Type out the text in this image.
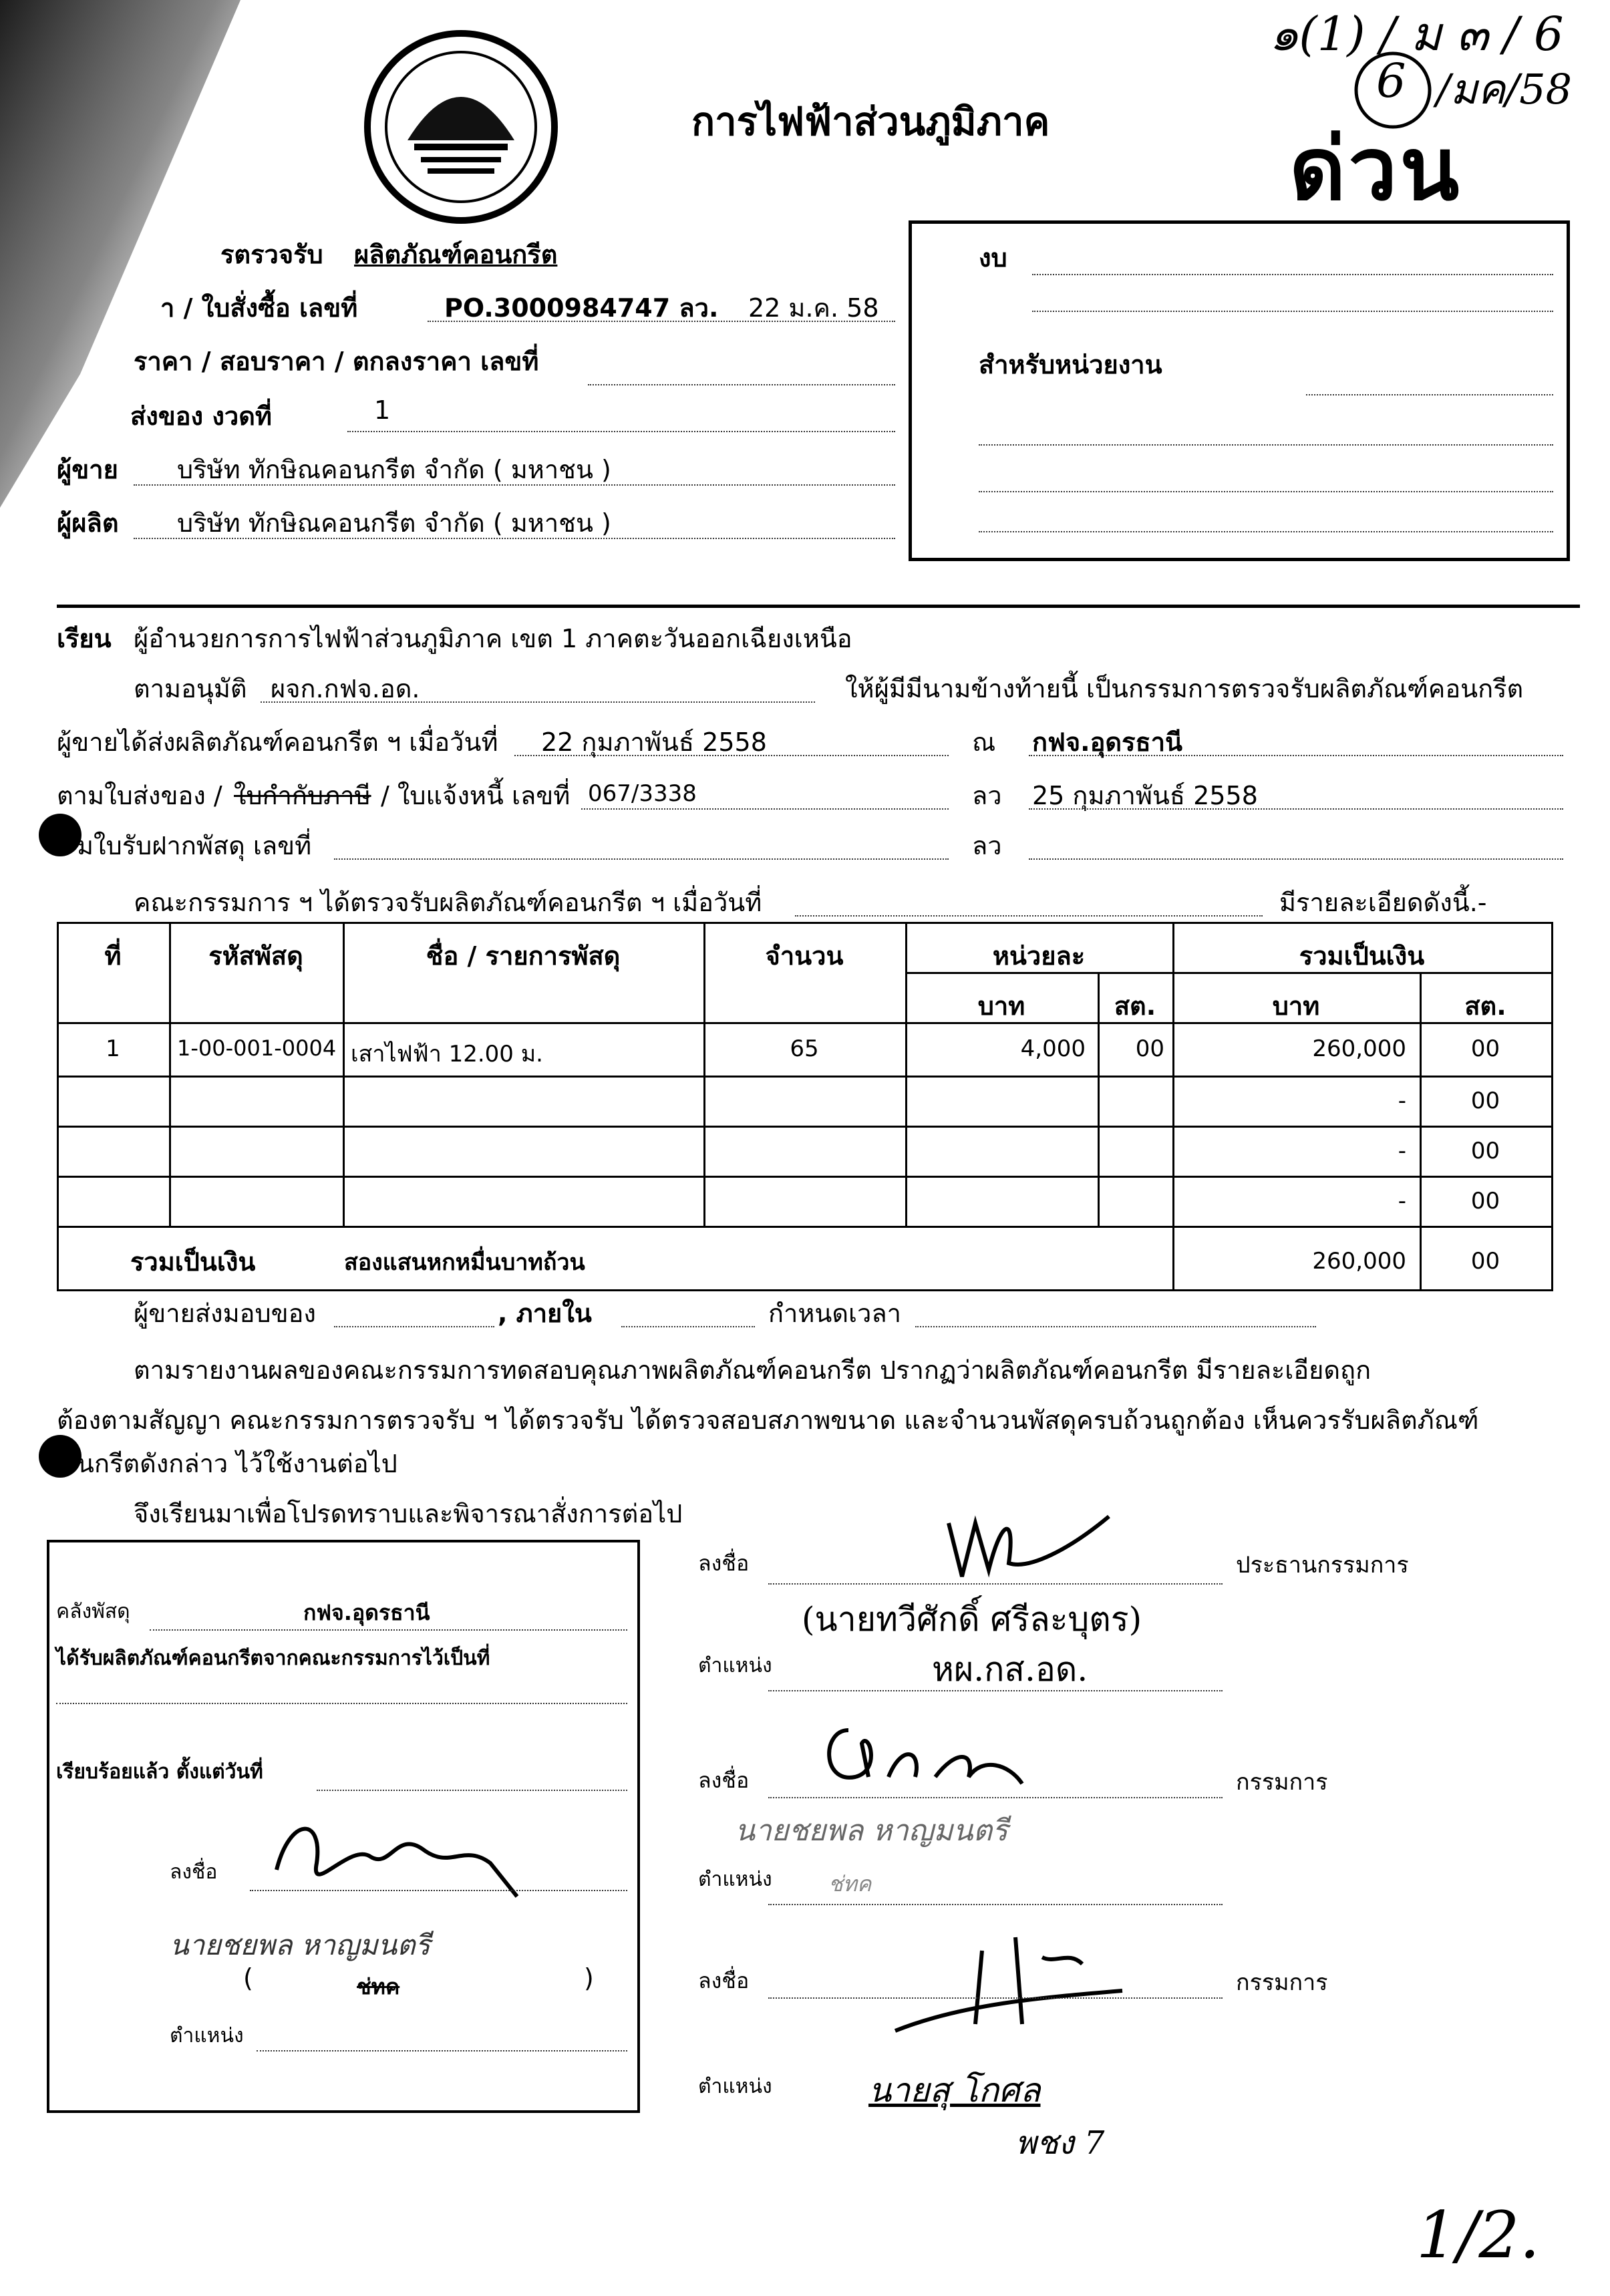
การไฟฟ้าส่วนภูมิภาค
๑(1) / ม ๓ / 6
6 /มค/58
ด่วน
รตรวจรับ ผลิตภัณฑ์คอนกรีต
า / ใบสั่งซื้อ เลขที่	PO.3000984747 ลว. 22 ม.ค. 58
ราคา / สอบราคา / ตกลงราคา เลขที่
ส่งของ งวดที่	1
ผู้ขาย บริษัท ทักษิณคอนกรีต จำกัด ( มหาชน )
ผู้ผลิต บริษัท ทักษิณคอนกรีต จำกัด ( มหาชน )
งบ
สำหรับหน่วยงาน
เรียน ผู้อำนวยการการไฟฟ้าส่วนภูมิภาค เขต 1 ภาคตะวันออกเฉียงเหนือ
ตามอนุมัติ ผจก.กฟจ.อด.	ให้ผู้มีมีนามข้างท้ายนี้ เป็นกรรมการตรวจรับผลิตภัณฑ์คอนกรีต
ผู้ขายได้ส่งผลิตภัณฑ์คอนกรีต ฯ เมื่อวันที่ 22 กุมภาพันธ์ 2558	ณ กฟจ.อุดรธานี
ตามใบส่งของ / ใบกำกับภาษี / ใบแจ้งหนี้ เลขที่ 067/3338	ลว 25 กุมภาพันธ์ 2558
มใบรับฝากพัสดุ เลขที่	ลว
คณะกรรมการ ฯ ได้ตรวจรับผลิตภัณฑ์คอนกรีต ฯ เมื่อวันที่	มีรายละเอียดดังนี้.-
ที่	รหัสพัสดุ	ชื่อ / รายการพัสดุ	จำนวน	หน่วยละ	รวมเป็นเงิน
บาท	สต.	บาท	สต.
1	1-00-001-0004 เสาไฟฟ้า 12.00 ม.	65	4,000	00	260,000	00
-	00
-	00
-	00
รวมเป็นเงิน	สองแสนหกหมื่นบาทถ้วน	260,000	00
ผู้ขายส่งมอบของ	, ภายใน	กำหนดเวลา
ตามรายงานผลของคณะกรรมการทดสอบคุณภาพผลิตภัณฑ์คอนกรีต ปรากฏว่าผลิตภัณฑ์คอนกรีต มีรายละเอียดถูก
ต้องตามสัญญา คณะกรรมการตรวจรับ ฯ ได้ตรวจรับ ได้ตรวจสอบสภาพขนาด และจำนวนพัสดุครบถ้วนถูกต้อง เห็นควรรับผลิตภัณฑ์
นกรีตดังกล่าว ไว้ใช้งานต่อไป
จึงเรียนมาเพื่อโปรดทราบและพิจารณาสั่งการต่อไป
คลังพัสดุ	กฟจ.อุดรธานี
ได้รับผลิตภัณฑ์คอนกรีตจากคณะกรรมการไว้เป็นที่
เรียบร้อยแล้ว ตั้งแต่วันที่
ลงชื่อ
นายชยพล หาญมนตรี
(	ช่ทค	)
ตำแหน่ง
ลงชื่อ	ประธานกรรมการ
(นายทวีศักดิ์ ศรีละบุตร)
ตำแหน่ง	หผ.กส.อด.
ลงชื่อ	กรรมการ
นายชยพล หาญมนตรี
ตำแหน่ง	ช่ทค
ลงชื่อ	กรรมการ
ตำแหน่ง	นายสุ โกศล
พชง 7
1/2.
